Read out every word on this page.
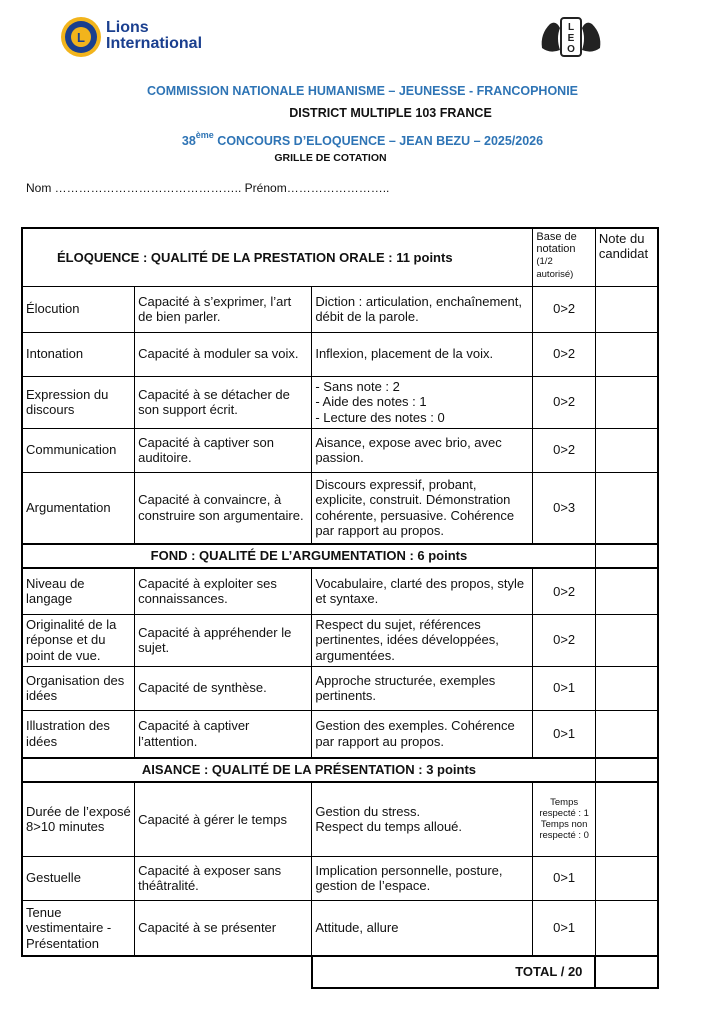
L
Lions
International
L
E
O
COMMISSION NATIONALE HUMANISME – JEUNESSE - FRANCOPHONIE
DISTRICT MULTIPLE 103 FRANCE
38ème CONCOURS D’ELOQUENCE – JEAN BEZU – 2025/2026
GRILLE DE COTATION
Nom ……………………………………….. Prénom……………………..
ÉLOQUENCE : QUALITÉ DE LA PRESTATION ORALE : 11 points			Base de notation
(1/2 autorisé)	Note du candidat
Élocution	Capacité à s’exprimer, l’art de bien parler.	Diction : articulation, enchaînement, débit de la parole.	0>2	
Intonation	Capacité à moduler sa voix.	Inflexion, placement de la voix.	0>2	
Expression du discours	Capacité à se détacher de son support écrit.	- Sans note : 2
- Aide des notes : 1
- Lecture des notes : 0	0>2	
Communication	Capacité à captiver son auditoire.	Aisance, expose avec brio, avec passion.	0>2	
Argumentation	Capacité à convaincre, à construire son argumentaire.	Discours expressif, probant, explicite, construit. Démonstration cohérente, persuasive. Cohérence par rapport au propos.	0>3	
FOND : QUALITÉ DE L’ARGUMENTATION : 6 points				
Niveau de langage	Capacité à exploiter ses connaissances.	Vocabulaire, clarté des propos, style et syntaxe.	0>2	
Originalité de la réponse et du point de vue.	Capacité à appréhender le sujet.	Respect du sujet, références pertinentes, idées développées, argumentées.	0>2	
Organisation des idées	Capacité de synthèse.	Approche structurée, exemples pertinents.	0>1	
Illustration des idées	Capacité à captiver l’attention.	Gestion des exemples. Cohérence par rapport au propos.	0>1	
AISANCE : QUALITÉ DE LA PRÉSENTATION : 3 points				
Durée de l’exposé 8>10 minutes	Capacité à gérer le temps	Gestion du stress.
Respect du temps alloué.	Temps respecté : 1 Temps non respecté : 0	
Gestuelle	Capacité à exposer sans théâtralité.	Implication personnelle, posture, gestion de l’espace.	0>1	
Tenue vestimentaire - Présentation	Capacité à se présenter	Attitude, allure	0>1	
		TOTAL / 20		
